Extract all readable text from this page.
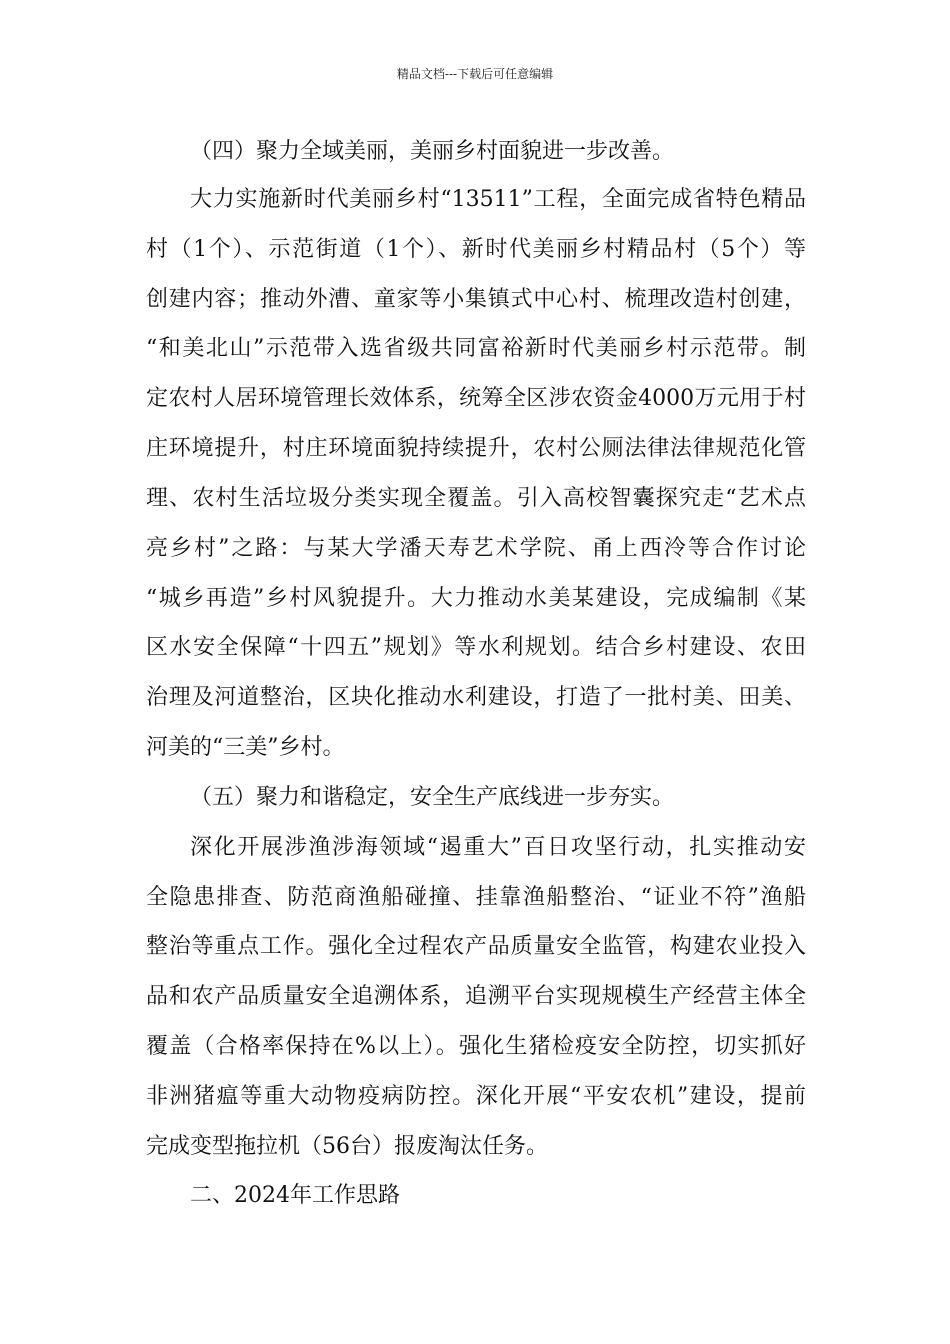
精品文档---下载后可任意编辑
（四）聚力全域美丽，美丽乡村面貌进一步改善。
大力实施新时代美丽乡村“13511”工程，全面完成省特色精品
村（1个）、示范街道（1个）、新时代美丽乡村精品村（5个）等
创建内容；推动外漕、童家等小集镇式中心村、梳理改造村创建，
“和美北山”示范带入选省级共同富裕新时代美丽乡村示范带。制
定农村人居环境管理长效体系，统筹全区涉农资金4000万元用于村
庄环境提升，村庄环境面貌持续提升，农村公厕法律法律规范化管
理、农村生活垃圾分类实现全覆盖。引入高校智囊探究走“艺术点
亮乡村”之路：与某大学潘天寿艺术学院、甬上西泠等合作讨论
“城乡再造”乡村风貌提升。大力推动水美某建设，完成编制《某
区水安全保障“十四五”规划》等水利规划。结合乡村建设、农田
治理及河道整治，区块化推动水利建设，打造了一批村美、田美、
河美的“三美”乡村。
（五）聚力和谐稳定，安全生产底线进一步夯实。
深化开展涉渔涉海领域“遏重大”百日攻坚行动，扎实推动安
全隐患排查、防范商渔船碰撞、挂靠渔船整治、“证业不符”渔船
整治等重点工作。强化全过程农产品质量安全监管，构建农业投入
品和农产品质量安全追溯体系，追溯平台实现规模生产经营主体全
覆盖（合格率保持在%以上）。强化生猪检疫安全防控，切实抓好
非洲猪瘟等重大动物疫病防控。深化开展“平安农机”建设，提前
完成变型拖拉机（56台）报废淘汰任务。
二、2024年工作思路
